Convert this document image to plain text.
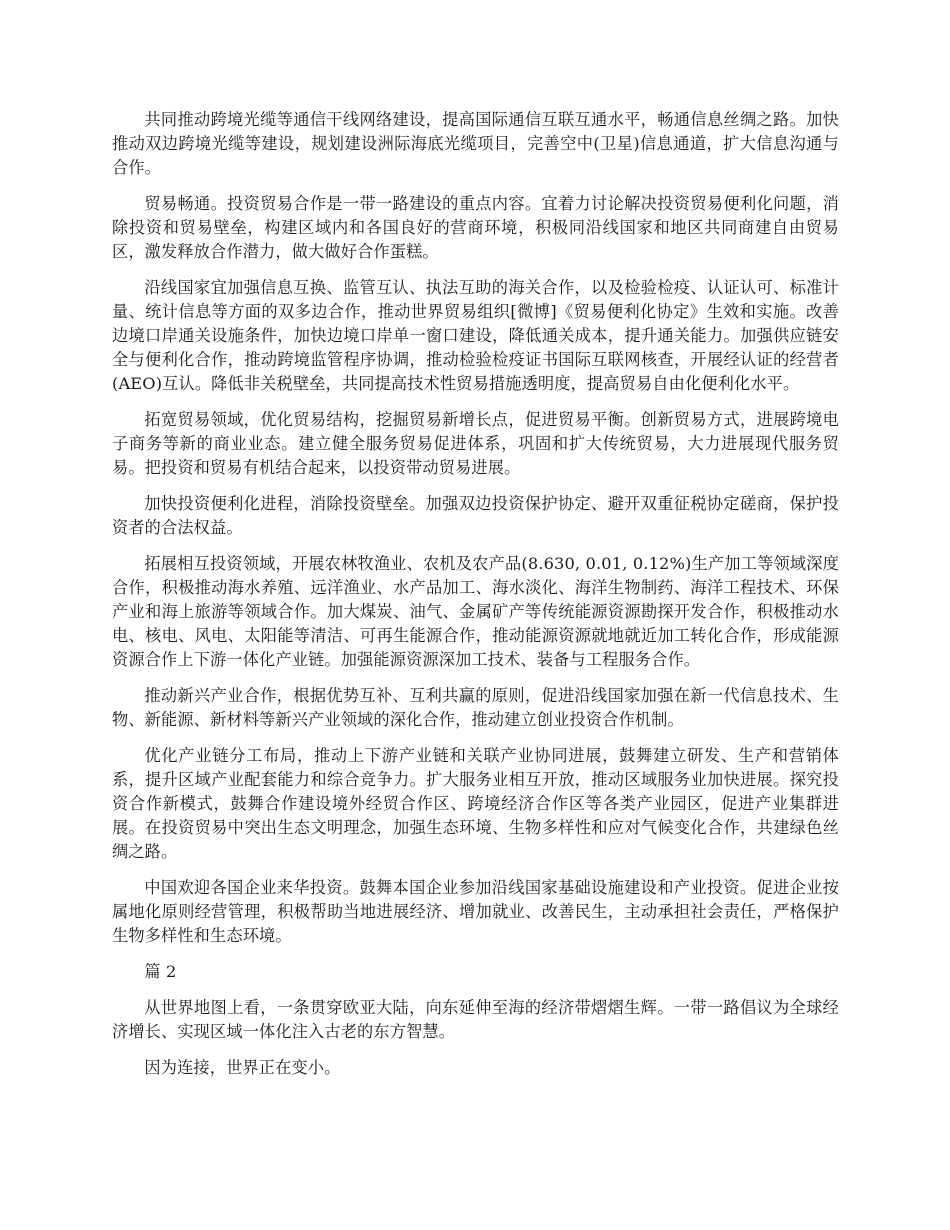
共同推动跨境光缆等通信干线网络建设，提高国际通信互联互通水平，畅通信息丝绸之路。加快推动双边跨境光缆等建设，规划建设洲际海底光缆项目，完善空中(卫星)信息通道，扩大信息沟通与合作。

贸易畅通。投资贸易合作是一带一路建设的重点内容。宜着力讨论解决投资贸易便利化问题，消除投资和贸易壁垒，构建区域内和各国良好的营商环境，积极同沿线国家和地区共同商建自由贸易区，激发释放合作潜力，做大做好合作蛋糕。

沿线国家宜加强信息互换、监管互认、执法互助的海关合作，以及检验检疫、认证认可、标准计量、统计信息等方面的双多边合作，推动世界贸易组织[微博]《贸易便利化协定》生效和实施。改善边境口岸通关设施条件，加快边境口岸单一窗口建设，降低通关成本，提升通关能力。加强供应链安全与便利化合作，推动跨境监管程序协调，推动检验检疫证书国际互联网核查，开展经认证的经营者(AEO)互认。降低非关税壁垒，共同提高技术性贸易措施透明度，提高贸易自由化便利化水平。

拓宽贸易领域，优化贸易结构，挖掘贸易新增长点，促进贸易平衡。创新贸易方式，进展跨境电子商务等新的商业业态。建立健全服务贸易促进体系，巩固和扩大传统贸易，大力进展现代服务贸易。把投资和贸易有机结合起来，以投资带动贸易进展。

加快投资便利化进程，消除投资壁垒。加强双边投资保护协定、避开双重征税协定磋商，保护投资者的合法权益。

拓展相互投资领域，开展农林牧渔业、农机及农产品(8.630, 0.01, 0.12%)生产加工等领域深度合作，积极推动海水养殖、远洋渔业、水产品加工、海水淡化、海洋生物制药、海洋工程技术、环保产业和海上旅游等领域合作。加大煤炭、油气、金属矿产等传统能源资源勘探开发合作，积极推动水电、核电、风电、太阳能等清洁、可再生能源合作，推动能源资源就地就近加工转化合作，形成能源资源合作上下游一体化产业链。加强能源资源深加工技术、装备与工程服务合作。

推动新兴产业合作，根据优势互补、互利共赢的原则，促进沿线国家加强在新一代信息技术、生物、新能源、新材料等新兴产业领域的深化合作，推动建立创业投资合作机制。

优化产业链分工布局，推动上下游产业链和关联产业协同进展，鼓舞建立研发、生产和营销体系，提升区域产业配套能力和综合竞争力。扩大服务业相互开放，推动区域服务业加快进展。探究投资合作新模式，鼓舞合作建设境外经贸合作区、跨境经济合作区等各类产业园区，促进产业集群进展。在投资贸易中突出生态文明理念，加强生态环境、生物多样性和应对气候变化合作，共建绿色丝绸之路。

中国欢迎各国企业来华投资。鼓舞本国企业参加沿线国家基础设施建设和产业投资。促进企业按属地化原则经营管理，积极帮助当地进展经济、增加就业、改善民生，主动承担社会责任，严格保护生物多样性和生态环境。

篇 2

从世界地图上看，一条贯穿欧亚大陆，向东延伸至海的经济带熠熠生辉。一带一路倡议为全球经济增长、实现区域一体化注入古老的东方智慧。

因为连接，世界正在变小。
